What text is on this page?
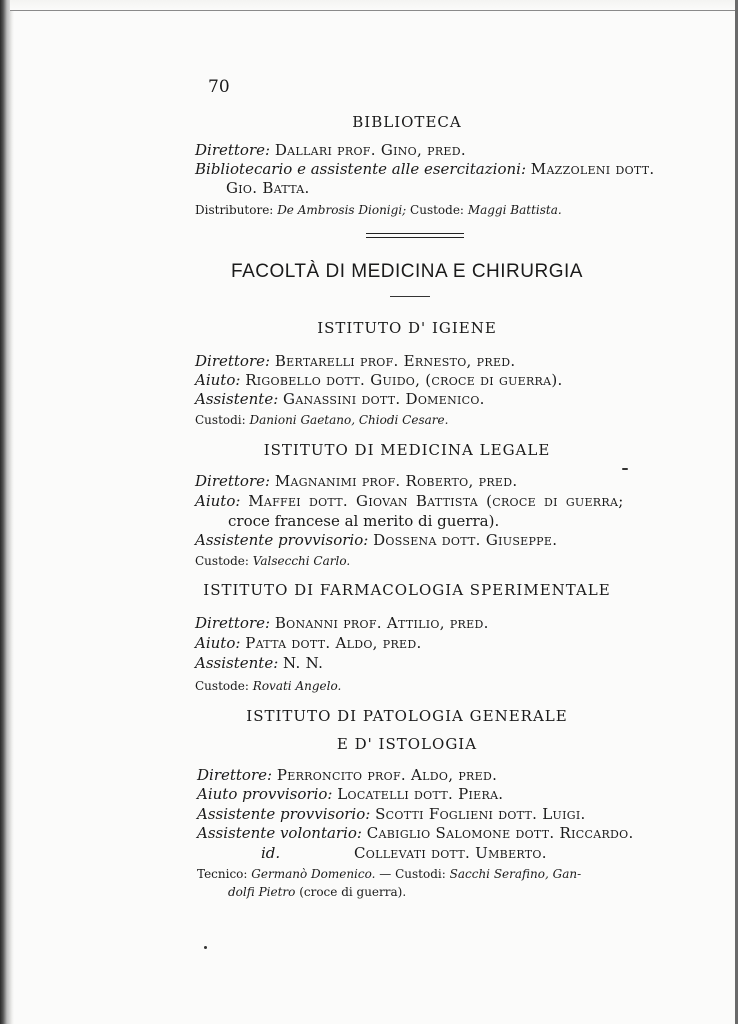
70
BIBLIOTECA
Direttore: Dallari prof. Gino, pred.
Bibliotecario e assistente alle esercitazioni: Mazzoleni dott.
Gio. Batta.
Distributore: De Ambrosis Dionigi; Custode: Maggi Battista.
FACOLTÀ DI MEDICINA E CHIRURGIA
ISTITUTO D' IGIENE
Direttore: Bertarelli prof. Ernesto, pred.
Aiuto: Rigobello dott. Guido, (croce di guerra).
Assistente: Ganassini dott. Domenico.
Custodi: Danioni Gaetano, Chiodi Cesare.
ISTITUTO DI MEDICINA LEGALE
Direttore: Magnanimi prof. Roberto, pred.
Aiuto: Maffei dott. Giovan Battista (croce di guerra;
croce francese al merito di guerra).
Assistente provvisorio: Dossena dott. Giuseppe.
Custode: Valsecchi Carlo.
ISTITUTO DI FARMACOLOGIA SPERIMENTALE
Direttore: Bonanni prof. Attilio, pred.
Aiuto: Patta dott. Aldo, pred.
Assistente: N. N.
Custode: Rovati Angelo.
ISTITUTO DI PATOLOGIA GENERALE
E D' ISTOLOGIA
Direttore: Perroncito prof. Aldo, pred.
Aiuto provvisorio: Locatelli dott. Piera.
Assistente provvisorio: Scotti Foglieni dott. Luigi.
Assistente volontario: Cabiglio Salomone dott. Riccardo.
id.	Collevati dott. Umberto.
Tecnico: Germanò Domenico. — Custodi: Sacchi Serafino, Gan-
dolfi Pietro (croce di guerra).
